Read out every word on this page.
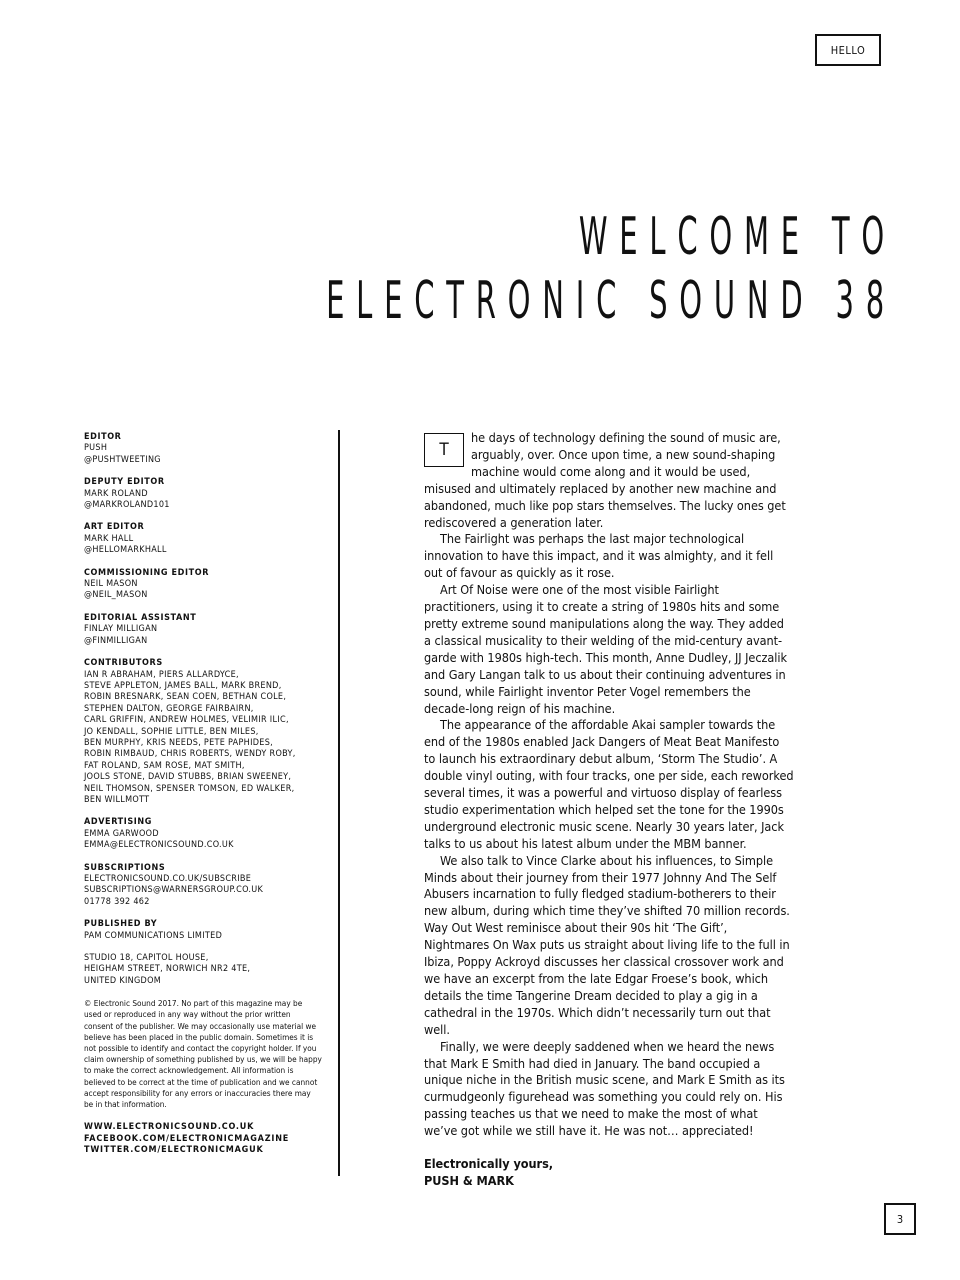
HELLO
WELCOME TO
ELECTRONIC SOUND 38
EDITOR
PUSH
@PUSHTWEETING
DEPUTY EDITOR
MARK ROLAND
@MARKROLAND101
ART EDITOR
MARK HALL
@HELLOMARKHALL
COMMISSIONING EDITOR
NEIL MASON
@NEIL_MASON
EDITORIAL ASSISTANT
FINLAY MILLIGAN
@FINMILLIGAN
CONTRIBUTORS
IAN R ABRAHAM, PIERS ALLARDYCE,
STEVE APPLETON, JAMES BALL, MARK BREND,
ROBIN BRESNARK, SEAN COEN, BETHAN COLE,
STEPHEN DALTON, GEORGE FAIRBAIRN,
CARL GRIFFIN, ANDREW HOLMES, VELIMIR ILIC,
JO KENDALL, SOPHIE LITTLE, BEN MILES,
BEN MURPHY, KRIS NEEDS, PETE PAPHIDES,
ROBIN RIMBAUD, CHRIS ROBERTS, WENDY ROBY,
FAT ROLAND, SAM ROSE, MAT SMITH,
JOOLS STONE, DAVID STUBBS, BRIAN SWEENEY,
NEIL THOMSON, SPENSER TOMSON, ED WALKER,
BEN WILLMOTT
ADVERTISING
EMMA GARWOOD
EMMA@ELECTRONICSOUND.CO.UK
SUBSCRIPTIONS
ELECTRONICSOUND.CO.UK/SUBSCRIBE
SUBSCRIPTIONS@WARNERSGROUP.CO.UK
01778 392 462
PUBLISHED BY
PAM COMMUNICATIONS LIMITED
STUDIO 18, CAPITOL HOUSE,
HEIGHAM STREET, NORWICH NR2 4TE,
UNITED KINGDOM
© Electronic Sound 2017. No part of this magazine may be used or reproduced in any way without the prior written consent of the publisher. We may occasionally use material we believe has been placed in the public domain. Sometimes it is not possible to identify and contact the copyright holder. If you claim ownership of something published by us, we will be happy to make the correct acknowledgement. All information is believed to be correct at the time of publication and we cannot accept responsibility for any errors or inaccuracies there may be in that information.
WWW.ELECTRONICSOUND.CO.UK
FACEBOOK.COM/ELECTRONICMAGAZINE
TWITTER.COM/ELECTRONICMAGUK

T
he days of technology defining the sound of music are, arguably, over. Once upon time, a new sound-shaping machine would come along and it would be used, misused and ultimately replaced by another new machine and abandoned, much like pop stars themselves. The lucky ones get rediscovered a generation later.

The Fairlight was perhaps the last major technological innovation to have this impact, and it was almighty, and it fell out of favour as quickly as it rose.

Art Of Noise were one of the most visible Fairlight practitioners, using it to create a string of 1980s hits and some pretty extreme sound manipulations along the way. They added a classical musicality to their welding of the mid-century avant-garde with 1980s high-tech. This month, Anne Dudley, JJ Jeczalik and Gary Langan talk to us about their continuing adventures in sound, while Fairlight inventor Peter Vogel remembers the decade-long reign of his machine.

The appearance of the affordable Akai sampler towards the end of the 1980s enabled Jack Dangers of Meat Beat Manifesto to launch his extraordinary debut album, ‘Storm The Studio’. A double vinyl outing, with four tracks, one per side, each reworked several times, it was a powerful and virtuoso display of fearless studio experimentation which helped set the tone for the 1990s underground electronic music scene. Nearly 30 years later, Jack talks to us about his latest album under the MBM banner.

We also talk to Vince Clarke about his influences, to Simple Minds about their journey from their 1977 Johnny And The Self Abusers incarnation to fully fledged stadium-botherers to their new album, during which time they’ve shifted 70 million records. Way Out West reminisce about their 90s hit ‘The Gift’, Nightmares On Wax puts us straight about living life to the full in Ibiza, Poppy Ackroyd discusses her classical crossover work and we have an excerpt from the late Edgar Froese’s book, which details the time Tangerine Dream decided to play a gig in a cathedral in the 1970s. Which didn’t necessarily turn out that well.

Finally, we were deeply saddened when we heard the news that Mark E Smith had died in January. The band occupied a unique niche in the British music scene, and Mark E Smith as its curmudgeonly figurehead was something you could rely on. His passing teaches us that we need to make the most of what we’ve got while we still have it. He was not… appreciated!

Electronically yours,
PUSH & MARK
3
